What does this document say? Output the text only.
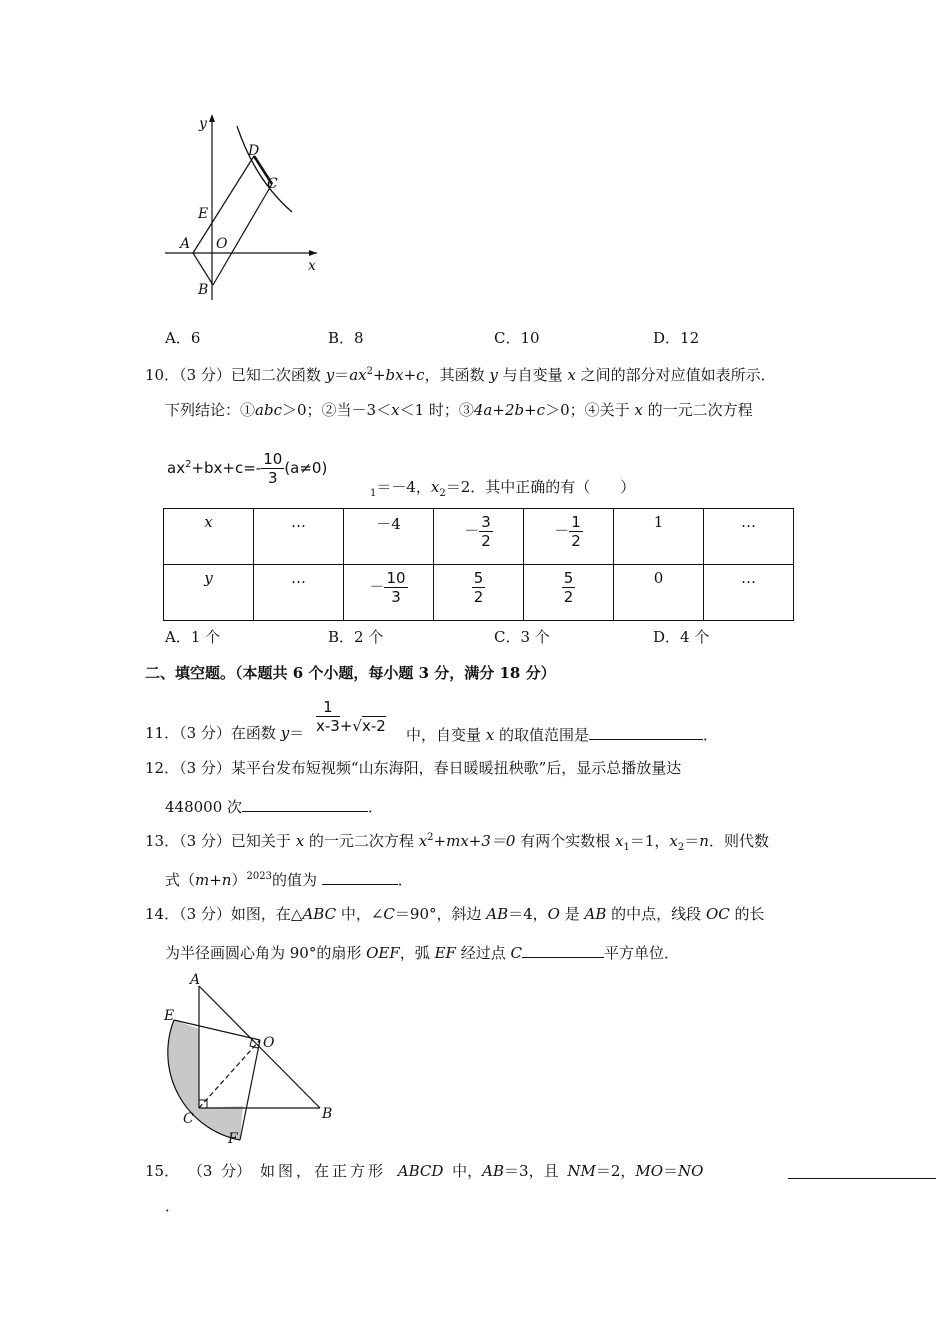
y
x
D
C
E
A O
B
A．6	B．8	C．10	D．12
10．（3 分）已知二次函数 $y=ax^2+bx+c$，其函数 y 与自变量 x 之间的部分对应值如表所示．
下列结论：①abc＞0；②当－3＜x＜1 时；③4a+2b+c＞0；④关于 x 的一元二次方程
$ax^2+bx+c=- \frac{10}{3} (a\ne 0)$
$_1$＝－4，$x_2=2$．其中正确的有（　　）
x	…	－4	－ $\frac{3}{2}$	－ $\frac{1}{2}$	1	…
y	…	－ $\frac{10}{3}$	$\frac{5}{2}$	$\frac{5}{2}$	0	…
A．1 个	B．2 个	C．3 个	D．4 个
二、填空题。（本题共 6 个小题，每小题 3 分，满分 18 分）
11．（3 分）在函数 $y= \frac{1}{x-3} +√x-2$ 中，自变量 x 的取值范围是	．
12．（3 分）某平台发布短视频“山东海阳，春日暖暖扭秧歌”后，显示总播放量达
448000 次	．
13．（3 分）已知关于 x 的一元二次方程 $x^2+mx+3=0$ 有两个实数根 $x_1=1$，$x_2=n$．则代数
式$(m+n)^{2023}$的值为	．
14．（3 分）如图，在△ABC 中，∠C＝90°，斜边 AB＝4，O 是 AB 的中点，线段 OC 的长
为半径画圆心角为 90°的扇形 OEF，弧 EF 经过点 C	平方单位．
A
E
O
C	B
F
15． （3 分） 如图，在正方形 ABCD 中，AB＝3，且 NM＝2，MO＝NO
．
